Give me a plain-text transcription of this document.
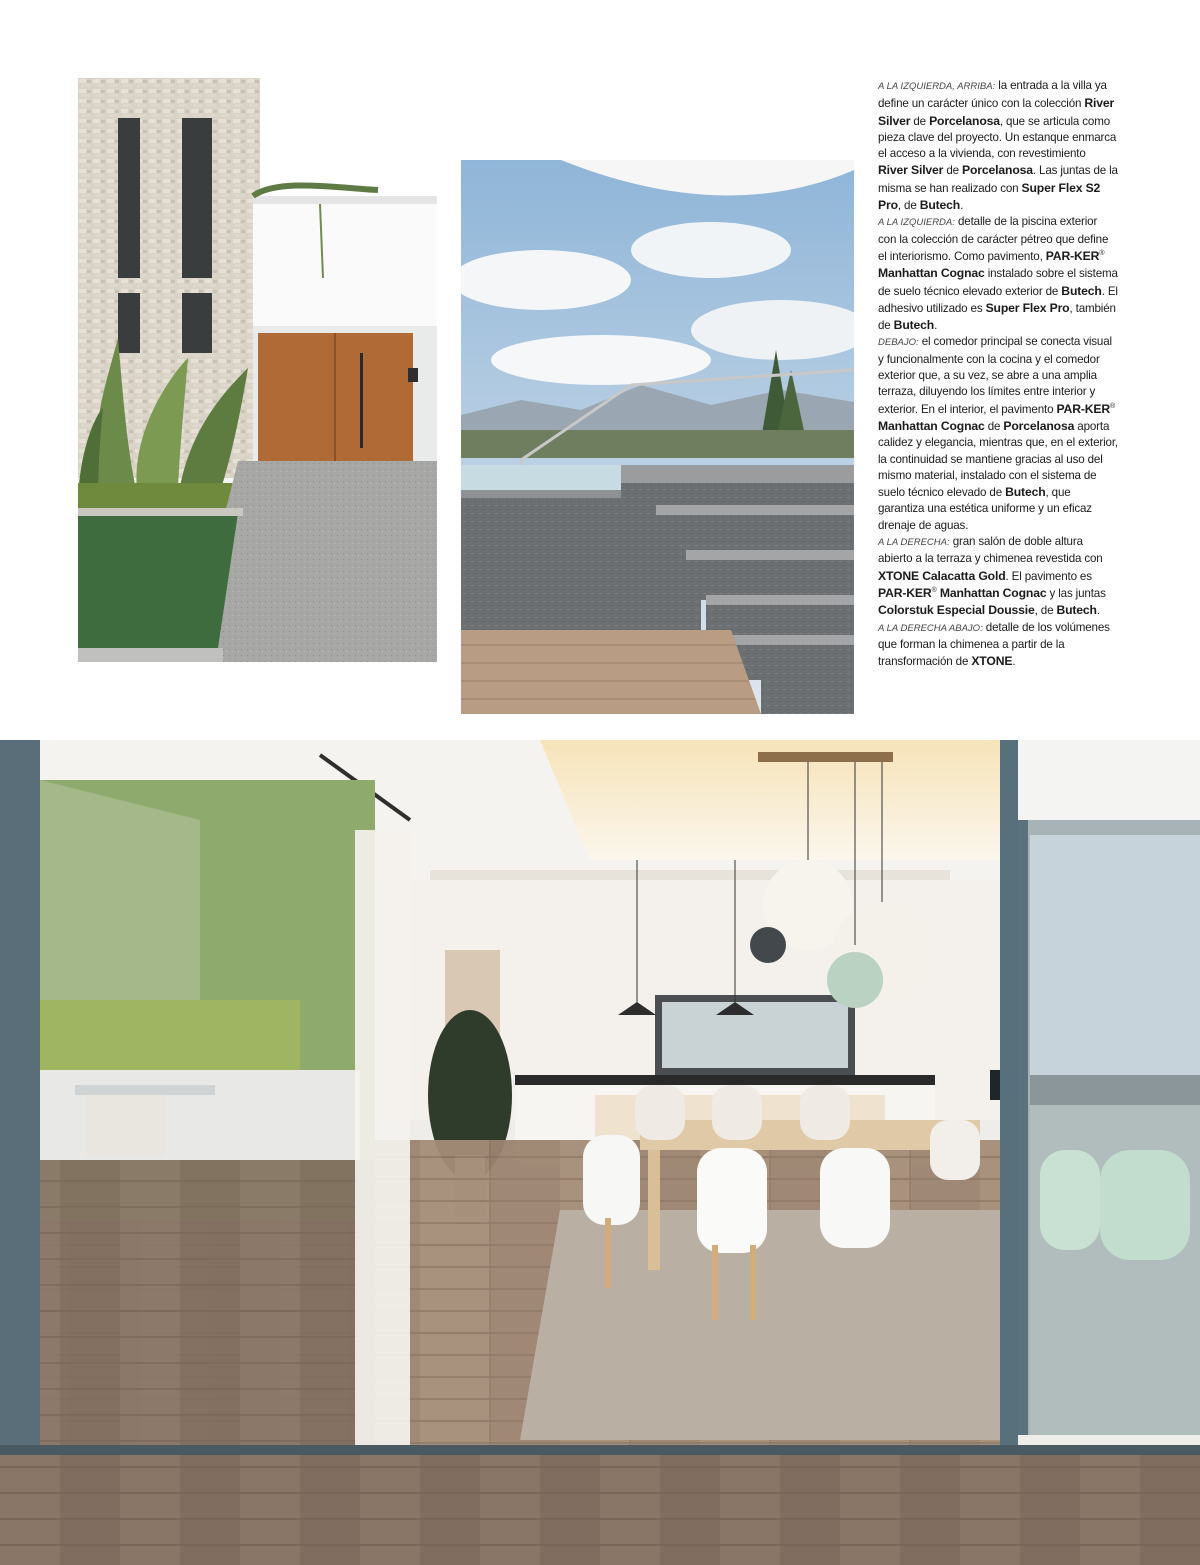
A LA IZQUIERDA, ARRIBA: la entrada a la villa ya define un carácter único con la colección River Silver de Porcelanosa, que se articula como pieza clave del proyecto. Un estanque enmarca el acceso a la vivienda, con revestimiento River Silver de Porcelanosa. Las juntas de la misma se han realizado con Super Flex S2 Pro, de Butech.

A LA IZQUIERDA: detalle de la piscina exterior con la colección de carácter pétreo que define el interiorismo. Como pavimento, PAR-KER® Manhattan Cognac instalado sobre el sistema de suelo técnico elevado exterior de Butech. El adhesivo utilizado es Super Flex Pro, también de Butech.

DEBAJO: el comedor principal se conecta visual y funcionalmente con la cocina y el comedor exterior que, a su vez, se abre a una amplia terraza, diluyendo los límites entre interior y exterior. En el interior, el pavimento PAR-KER® Manhattan Cognac de Porcelanosa aporta calidez y elegancia, mientras que, en el exterior, la continuidad se mantiene gracias al uso del mismo material, instalado con el sistema de suelo técnico elevado de Butech, que garantiza una estética uniforme y un eficaz drenaje de aguas.

A LA DERECHA: gran salón de doble altura abierto a la terraza y chimenea revestida con XTONE Calacatta Gold. El pavimento es PAR-KER® Manhattan Cognac y las juntas Colorstuk Especial Doussie, de Butech.

A LA DERECHA ABAJO: detalle de los volúmenes que forman la chimenea a partir de la transformación de XTONE.
